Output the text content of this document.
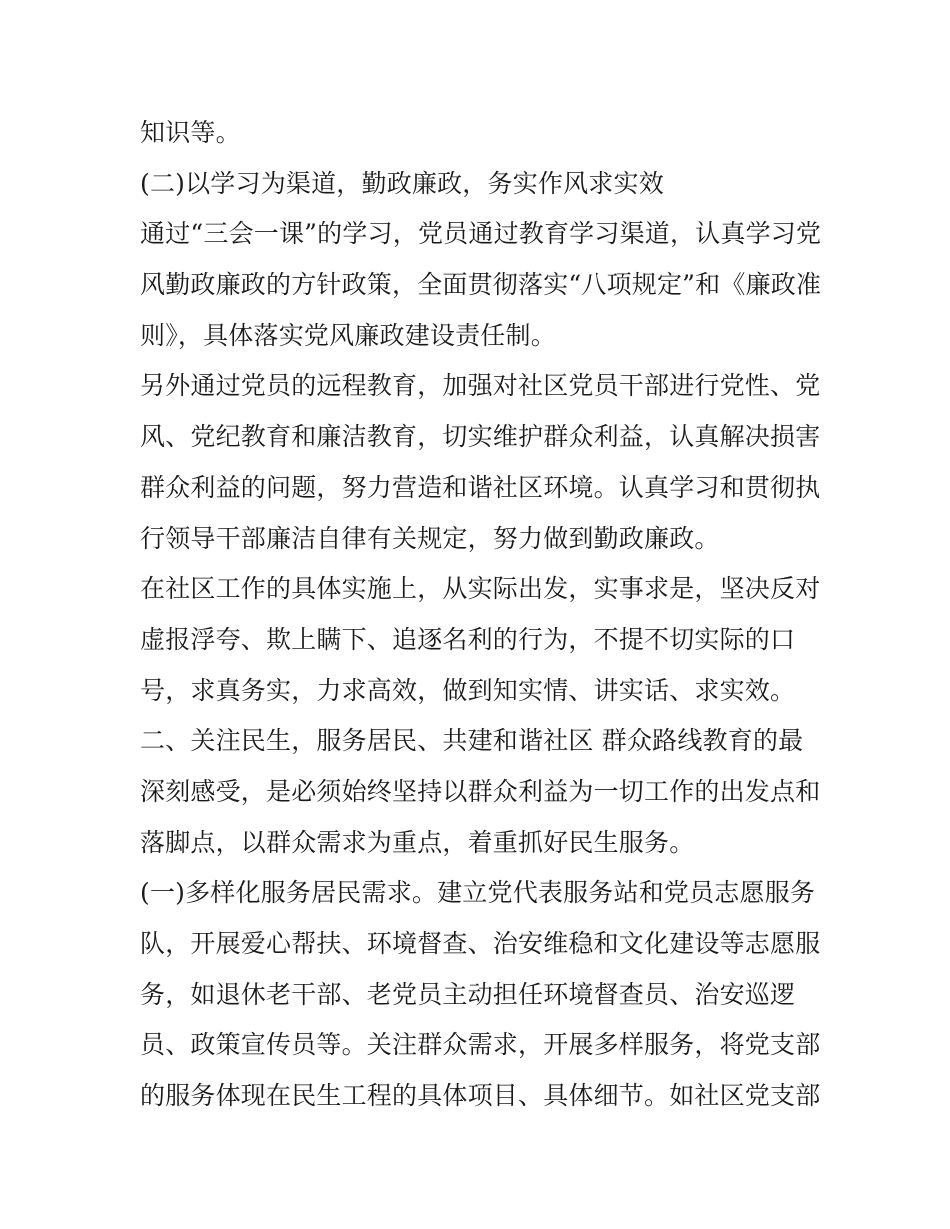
知识等。
(二)以学习为渠道，勤政廉政，务实作风求实效
通过“三会一课”的学习，党员通过教育学习渠道，认真学习党
风勤政廉政的方针政策，全面贯彻落实“八项规定”和《廉政准
则》，具体落实党风廉政建设责任制。
另外通过党员的远程教育，加强对社区党员干部进行党性、党
风、党纪教育和廉洁教育，切实维护群众利益，认真解决损害
群众利益的问题，努力营造和谐社区环境。认真学习和贯彻执
行领导干部廉洁自律有关规定，努力做到勤政廉政。
在社区工作的具体实施上，从实际出发，实事求是，坚决反对
虚报浮夸、欺上瞒下、追逐名利的行为，不提不切实际的口
号，求真务实，力求高效，做到知实情、讲实话、求实效。
二、关注民生，服务居民、共建和谐社区 群众路线教育的最
深刻感受，是必须始终坚持以群众利益为一切工作的出发点和
落脚点，以群众需求为重点，着重抓好民生服务。
(一)多样化服务居民需求。建立党代表服务站和党员志愿服务
队，开展爱心帮扶、环境督查、治安维稳和文化建设等志愿服
务，如退休老干部、老党员主动担任环境督查员、治安巡逻
员、政策宣传员等。关注群众需求，开展多样服务，将党支部
的服务体现在民生工程的具体项目、具体细节。如社区党支部
